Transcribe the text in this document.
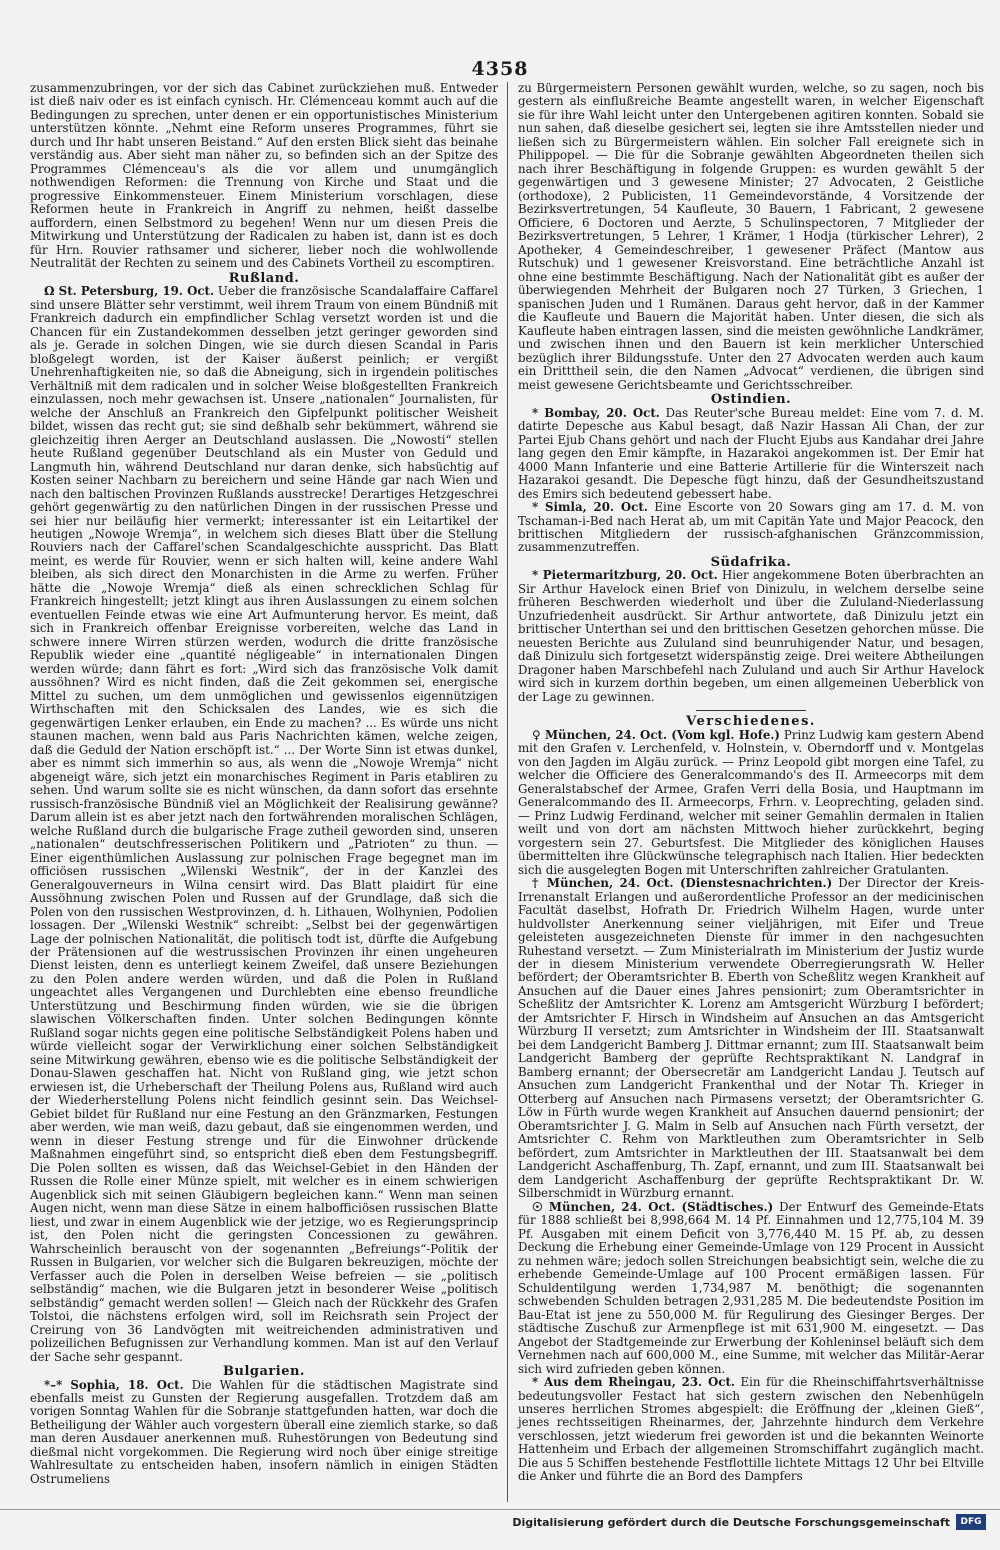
4358

zusammenzubringen, vor der sich das Cabinet zurückziehen muß. Entweder ist dieß naiv oder es ist einfach cynisch. Hr. Clémenceau kommt auch auf die Bedingungen zu sprechen, unter denen er ein opportunistisches Ministerium unterstützen könnte. „Nehmt eine Reform unseres Programmes, führt sie durch und Ihr habt unseren Beistand.“ Auf den ersten Blick sieht das beinahe verständig aus. Aber sieht man näher zu, so befinden sich an der Spitze des Programmes Clémenceau's als die vor allem und unumgänglich nothwendigen Reformen: die Trennung von Kirche und Staat und die progressive Einkommensteuer. Einem Ministerium vorschlagen, diese Reformen heute in Frankreich in Angriff zu nehmen, heißt dasselbe auffordern, einen Selbstmord zu begehen! Wenn nur um diesen Preis die Mitwirkung und Unterstützung der Radicalen zu haben ist, dann ist es doch für Hrn. Rouvier rathsamer und sicherer, lieber noch die wohlwollende Neutralität der Rechten zu seinem und des Cabinets Vortheil zu escomptiren.

Rußland.

Ω St. Petersburg, 19. Oct. Ueber die französische Scandalaffaire Caffarel sind unsere Blätter sehr verstimmt, weil ihrem Traum von einem Bündniß mit Frankreich dadurch ein empfindlicher Schlag versetzt worden ist und die Chancen für ein Zustandekommen desselben jetzt geringer geworden sind als je. Gerade in solchen Dingen, wie sie durch diesen Scandal in Paris bloßgelegt worden, ist der Kaiser äußerst peinlich; er vergißt Unehrenhaftigkeiten nie, so daß die Abneigung, sich in irgendein politisches Verhältniß mit dem radicalen und in solcher Weise bloßgestellten Frankreich einzulassen, noch mehr gewachsen ist. Unsere „nationalen“ Journalisten, für welche der Anschluß an Frankreich den Gipfelpunkt politischer Weisheit bildet, wissen das recht gut; sie sind deßhalb sehr bekümmert, während sie gleichzeitig ihren Aerger an Deutschland auslassen. Die „Nowosti“ stellen heute Rußland gegenüber Deutschland als ein Muster von Geduld und Langmuth hin, während Deutschland nur daran denke, sich habsüchtig auf Kosten seiner Nachbarn zu bereichern und seine Hände gar nach Wien und nach den baltischen Provinzen Rußlands ausstrecke! Derartiges Hetzgeschrei gehört gegenwärtig zu den natürlichen Dingen in der russischen Presse und sei hier nur beiläufig hier vermerkt; interessanter ist ein Leitartikel der heutigen „Nowoje Wremja“, in welchem sich dieses Blatt über die Stellung Rouviers nach der Caffarel'schen Scandalgeschichte ausspricht. Das Blatt meint, es werde für Rouvier, wenn er sich halten will, keine andere Wahl bleiben, als sich direct den Monarchisten in die Arme zu werfen. Früher hätte die „Nowoje Wremja“ dieß als einen schrecklichen Schlag für Frankreich hingestellt; jetzt klingt aus ihren Auslassungen zu einem solchen eventuellen Feinde etwas wie eine Art Aufmunterung hervor. Es meint, daß sich in Frankreich offenbar Ereignisse vorbereiten, welche das Land in schwere innere Wirren stürzen werden, wodurch die dritte französische Republik wieder eine „quantité négligeable“ in internationalen Dingen werden würde; dann fährt es fort: „Wird sich das französische Volk damit aussöhnen? Wird es nicht finden, daß die Zeit gekommen sei, energische Mittel zu suchen, um dem unmöglichen und gewissenlos eigennützigen Wirthschaften mit den Schicksalen des Landes, wie es sich die gegenwärtigen Lenker erlauben, ein Ende zu machen? ... Es würde uns nicht staunen machen, wenn bald aus Paris Nachrichten kämen, welche zeigen, daß die Geduld der Nation erschöpft ist.“ ... Der Worte Sinn ist etwas dunkel, aber es nimmt sich immerhin so aus, als wenn die „Nowoje Wremja“ nicht abgeneigt wäre, sich jetzt ein monarchisches Regiment in Paris etabliren zu sehen. Und warum sollte sie es nicht wünschen, da dann sofort das ersehnte russisch-französische Bündniß viel an Möglichkeit der Realisirung gewänne? Darum allein ist es aber jetzt nach den fortwährenden moralischen Schlägen, welche Rußland durch die bulgarische Frage zutheil geworden sind, unseren „nationalen“ deutschfresserischen Politikern und „Patrioten“ zu thun. — Einer eigenthümlichen Auslassung zur polnischen Frage begegnet man im officiösen russischen „Wilenski Westnik“, der in der Kanzlei des Generalgouverneurs in Wilna censirt wird. Das Blatt plaidirt für eine Aussöhnung zwischen Polen und Russen auf der Grundlage, daß sich die Polen von den russischen Westprovinzen, d. h. Lithauen, Wolhynien, Podolien lossagen. Der „Wilenski Westnik“ schreibt: „Selbst bei der gegenwärtigen Lage der polnischen Nationalität, die politisch todt ist, dürfte die Aufgebung der Prätensionen auf die westrussischen Provinzen ihr einen ungeheuren Dienst leisten, denn es unterliegt keinem Zweifel, daß unsere Beziehungen zu den Polen andere werden würden, und daß die Polen in Rußland ungeachtet alles Vergangenen und Durchlebten eine ebenso freundliche Unterstützung und Beschirmung finden würden, wie sie die übrigen slawischen Völkerschaften finden. Unter solchen Bedingungen könnte Rußland sogar nichts gegen eine politische Selbständigkeit Polens haben und würde vielleicht sogar der Verwirklichung einer solchen Selbständigkeit seine Mitwirkung gewähren, ebenso wie es die politische Selbständigkeit der Donau-Slawen geschaffen hat. Nicht von Rußland ging, wie jetzt schon erwiesen ist, die Urheberschaft der Theilung Polens aus, Rußland wird auch der Wiederherstellung Polens nicht feindlich gesinnt sein. Das Weichsel-Gebiet bildet für Rußland nur eine Festung an den Gränzmarken, Festungen aber werden, wie man weiß, dazu gebaut, daß sie eingenommen werden, und wenn in dieser Festung strenge und für die Einwohner drückende Maßnahmen eingeführt sind, so entspricht dieß eben dem Festungsbegriff. Die Polen sollten es wissen, daß das Weichsel-Gebiet in den Händen der Russen die Rolle einer Münze spielt, mit welcher es in einem schwierigen Augenblick sich mit seinen Gläubigern begleichen kann.“ Wenn man seinen Augen nicht, wenn man diese Sätze in einem halbofficiösen russischen Blatte liest, und zwar in einem Augenblick wie der jetzige, wo es Regierungsprincip ist, den Polen nicht die geringsten Concessionen zu gewähren. Wahrscheinlich berauscht von der sogenannten „Befreiungs“-Politik der Russen in Bulgarien, vor welcher sich die Bulgaren bekreuzigen, möchte der Verfasser auch die Polen in derselben Weise befreien — sie „politisch selbständig“ machen, wie die Bulgaren jetzt in besonderer Weise „politisch selbständig“ gemacht werden sollen! — Gleich nach der Rückkehr des Grafen Tolstoi, die nächstens erfolgen wird, soll im Reichsrath sein Project der Creirung von 36 Landvögten mit weitreichenden administrativen und polizeilichen Befugnissen zur Verhandlung kommen. Man ist auf den Verlauf der Sache sehr gespannt.

Bulgarien.

*–* Sophia, 18. Oct. Die Wahlen für die städtischen Magistrate sind ebenfalls meist zu Gunsten der Regierung ausgefallen. Trotzdem daß am vorigen Sonntag Wahlen für die Sobranje stattgefunden hatten, war doch die Betheiligung der Wähler auch vorgestern überall eine ziemlich starke, so daß man deren Ausdauer anerkennen muß. Ruhestörungen von Bedeutung sind dießmal nicht vorgekommen. Die Regierung wird noch über einige streitige Wahlresultate zu entscheiden haben, insofern nämlich in einigen Städten Ostrumeliens

zu Bürgermeistern Personen gewählt wurden, welche, so zu sagen, noch bis gestern als einflußreiche Beamte angestellt waren, in welcher Eigenschaft sie für ihre Wahl leicht unter den Untergebenen agitiren konnten. Sobald sie nun sahen, daß dieselbe gesichert sei, legten sie ihre Amtsstellen nieder und ließen sich zu Bürgermeistern wählen. Ein solcher Fall ereignete sich in Philippopel. — Die für die Sobranje gewählten Abgeordneten theilen sich nach ihrer Beschäftigung in folgende Gruppen: es wurden gewählt 5 der gegenwärtigen und 3 gewesene Minister; 27 Advocaten, 2 Geistliche (orthodoxe), 2 Publicisten, 11 Gemeindevorstände, 4 Vorsitzende der Bezirksvertretungen, 54 Kaufleute, 30 Bauern, 1 Fabricant, 2 gewesene Officiere, 6 Doctoren und Aerzte, 5 Schulinspectoren, 7 Mitglieder der Bezirksvertretungen, 5 Lehrer, 1 Krämer, 1 Hodja (türkischer Lehrer), 2 Apotheker, 4 Gemeindeschreiber, 1 gewesener Präfect (Mantow aus Rutschuk) und 1 gewesener Kreisvorstand. Eine beträchtliche Anzahl ist ohne eine bestimmte Beschäftigung. Nach der Nationalität gibt es außer der überwiegenden Mehrheit der Bulgaren noch 27 Türken, 3 Griechen, 1 spanischen Juden und 1 Rumänen. Daraus geht hervor, daß in der Kammer die Kaufleute und Bauern die Majorität haben. Unter diesen, die sich als Kaufleute haben eintragen lassen, sind die meisten gewöhnliche Landkrämer, und zwischen ihnen und den Bauern ist kein merklicher Unterschied bezüglich ihrer Bildungsstufe. Unter den 27 Advocaten werden auch kaum ein Dritttheil sein, die den Namen „Advocat“ verdienen, die übrigen sind meist gewesene Gerichtsbeamte und Gerichtsschreiber.

Ostindien.

* Bombay, 20. Oct. Das Reuter'sche Bureau meldet: Eine vom 7. d. M. datirte Depesche aus Kabul besagt, daß Nazir Hassan Ali Chan, der zur Partei Ejub Chans gehört und nach der Flucht Ejubs aus Kandahar drei Jahre lang gegen den Emir kämpfte, in Hazarakoi angekommen ist. Der Emir hat 4000 Mann Infanterie und eine Batterie Artillerie für die Winterszeit nach Hazarakoi gesandt. Die Depesche fügt hinzu, daß der Gesundheitszustand des Emirs sich bedeutend gebessert habe.

* Simla, 20. Oct. Eine Escorte von 20 Sowars ging am 17. d. M. von Tschaman-i-Bed nach Herat ab, um mit Capitän Yate und Major Peacock, den brittischen Mitgliedern der russisch-afghanischen Gränzcommission, zusammenzutreffen.

Südafrika.

* Pietermaritzburg, 20. Oct. Hier angekommene Boten überbrachten an Sir Arthur Havelock einen Brief von Dinizulu, in welchem derselbe seine früheren Beschwerden wiederholt und über die Zululand-Niederlassung Unzufriedenheit ausdrückt. Sir Arthur antwortete, daß Dinizulu jetzt ein brittischer Unterthan sei und den brittischen Gesetzen gehorchen müsse. Die neuesten Berichte aus Zululand sind beunruhigender Natur, und besagen, daß Dinizulu sich fortgesetzt widerspänstig zeige. Drei weitere Abtheilungen Dragoner haben Marschbefehl nach Zululand und auch Sir Arthur Havelock wird sich in kurzem dorthin begeben, um einen allgemeinen Ueberblick von der Lage zu gewinnen.

Verschiedenes.

♀ München, 24. Oct. (Vom kgl. Hofe.) Prinz Ludwig kam gestern Abend mit den Grafen v. Lerchenfeld, v. Holnstein, v. Oberndorff und v. Montgelas von den Jagden im Algäu zurück. — Prinz Leopold gibt morgen eine Tafel, zu welcher die Officiere des Generalcommando's des II. Armeecorps mit dem Generalstabschef der Armee, Grafen Verri della Bosia, und Hauptmann im Generalcommando des II. Armeecorps, Frhrn. v. Leoprechting, geladen sind. — Prinz Ludwig Ferdinand, welcher mit seiner Gemahlin dermalen in Italien weilt und von dort am nächsten Mittwoch hieher zurückkehrt, beging vorgestern sein 27. Geburtsfest. Die Mitglieder des königlichen Hauses übermittelten ihre Glückwünsche telegraphisch nach Italien. Hier bedeckten sich die ausgelegten Bogen mit Unterschriften zahlreicher Gratulanten.

† München, 24. Oct. (Dienstesnachrichten.) Der Director der Kreis-Irrenanstalt Erlangen und außerordentliche Professor an der medicinischen Facultät daselbst, Hofrath Dr. Friedrich Wilhelm Hagen, wurde unter huldvollster Anerkennung seiner vieljährigen, mit Eifer und Treue geleisteten ausgezeichneten Dienste für immer in den nachgesuchten Ruhestand versetzt. — Zum Ministerialrath im Ministerium der Justiz wurde der in diesem Ministerium verwendete Oberregierungsrath W. Heller befördert; der Oberamtsrichter B. Eberth von Scheßlitz wegen Krankheit auf Ansuchen auf die Dauer eines Jahres pensionirt; zum Oberamtsrichter in Scheßlitz der Amtsrichter K. Lorenz am Amtsgericht Würzburg I befördert; der Amtsrichter F. Hirsch in Windsheim auf Ansuchen an das Amtsgericht Würzburg II versetzt; zum Amtsrichter in Windsheim der III. Staatsanwalt bei dem Landgericht Bamberg J. Dittmar ernannt; zum III. Staatsanwalt beim Landgericht Bamberg der geprüfte Rechtspraktikant N. Landgraf in Bamberg ernannt; der Obersecretär am Landgericht Landau J. Teutsch auf Ansuchen zum Landgericht Frankenthal und der Notar Th. Krieger in Otterberg auf Ansuchen nach Pirmasens versetzt; der Oberamtsrichter G. Löw in Fürth wurde wegen Krankheit auf Ansuchen dauernd pensionirt; der Oberamtsrichter J. G. Malm in Selb auf Ansuchen nach Fürth versetzt, der Amtsrichter C. Rehm von Marktleuthen zum Oberamtsrichter in Selb befördert, zum Amtsrichter in Marktleuthen der III. Staatsanwalt bei dem Landgericht Aschaffenburg, Th. Zapf, ernannt, und zum III. Staatsanwalt bei dem Landgericht Aschaffenburg der geprüfte Rechtspraktikant Dr. W. Silberschmidt in Würzburg ernannt.

☉ München, 24. Oct. (Städtisches.) Der Entwurf des Gemeinde-Etats für 1888 schließt bei 8,998,664 M. 14 Pf. Einnahmen und 12,775,104 M. 39 Pf. Ausgaben mit einem Deficit von 3,776,440 M. 15 Pf. ab, zu dessen Deckung die Erhebung einer Gemeinde-Umlage von 129 Procent in Aussicht zu nehmen wäre; jedoch sollen Streichungen beabsichtigt sein, welche die zu erhebende Gemeinde-Umlage auf 100 Procent ermäßigen lassen. Für Schuldentilgung werden 1,734,987 M. benöthigt; die sogenannten schwebenden Schulden betragen 2,931,285 M. Die bedeutendste Position im Bau-Etat ist jene zu 550,000 M. für Regulirung des Giesinger Berges. Der städtische Zuschuß zur Armenpflege ist mit 631,900 M. eingesetzt. — Das Angebot der Stadtgemeinde zur Erwerbung der Kohleninsel beläuft sich dem Vernehmen nach auf 600,000 M., eine Summe, mit welcher das Militär-Aerar sich wird zufrieden geben können.

* Aus dem Rheingau, 23. Oct. Ein für die Rheinschiffahrtsverhältnisse bedeutungsvoller Festact hat sich gestern zwischen den Nebenhügeln unseres herrlichen Stromes abgespielt: die Eröffnung der „kleinen Gieß“, jenes rechtsseitigen Rheinarmes, der, Jahrzehnte hindurch dem Verkehre verschlossen, jetzt wiederum frei geworden ist und die bekannten Weinorte Hattenheim und Erbach der allgemeinen Stromschiffahrt zugänglich macht. Die aus 5 Schiffen bestehende Festflottille lichtete Mittags 12 Uhr bei Eltville die Anker und führte die an Bord des Dampfers

Digitalisierung gefördert durch die Deutsche Forschungsgemeinschaft	DFG
